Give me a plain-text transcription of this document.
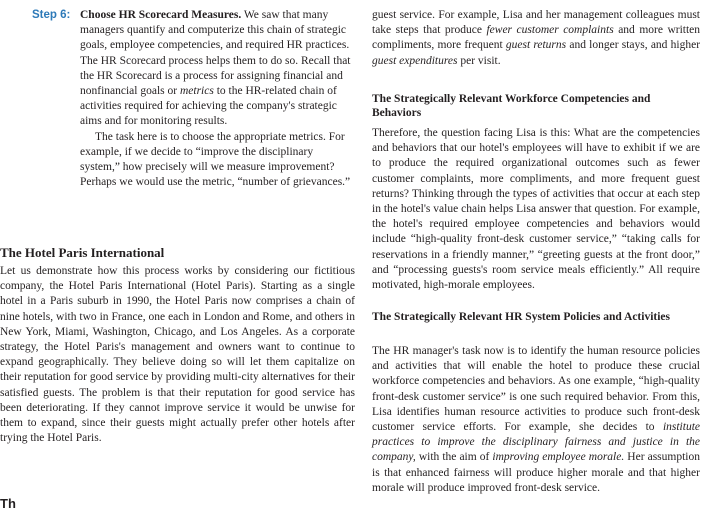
Step 6: Choose HR Scorecard Measures. We saw that many managers quantify and computerize this chain of strategic goals, employee competencies, and required HR practices. The HR Scorecard process helps them to do so. Recall that the HR Scorecard is a process for assigning financial and nonfinancial goals or metrics to the HR-related chain of activities required for achieving the company's strategic aims and for monitoring results.

The task here is to choose the appropriate metrics. For example, if we decide to “improve the disciplinary system,” how precisely will we measure improvement? Perhaps we would use the metric, “number of grievances.”

The Hotel Paris International

Let us demonstrate how this process works by considering our fictitious company, the Hotel Paris International (Hotel Paris). Starting as a single hotel in a Paris suburb in 1990, the Hotel Paris now comprises a chain of nine hotels, with two in France, one each in London and Rome, and others in New York, Miami, Washington, Chicago, and Los Angeles. As a corporate strategy, the Hotel Paris's management and owners want to continue to expand geographically. They believe doing so will let them capitalize on their reputation for good service by providing multi-city alternatives for their satisfied guests. The problem is that their reputation for good service has been deteriorating. If they cannot improve service it would be unwise for them to expand, since their guests might actually prefer other hotels after trying the Hotel Paris.

Th

guest service. For example, Lisa and her management colleagues must take steps that produce fewer customer complaints and more written compliments, more frequent guest returns and longer stays, and higher guest expenditures per visit.

The Strategically Relevant Workforce Competencies and Behaviors

Therefore, the question facing Lisa is this: What are the competencies and behaviors that our hotel's employees will have to exhibit if we are to produce the required organizational outcomes such as fewer customer complaints, more compliments, and more frequent guest returns? Thinking through the types of activities that occur at each step in the hotel's value chain helps Lisa answer that question. For example, the hotel's required employee competencies and behaviors would include “high-quality front-desk customer service,” “taking calls for reservations in a friendly manner,” “greeting guests at the front door,” and “processing guests's room service meals efficiently.” All require motivated, high-morale employees.

The Strategically Relevant HR System Policies and Activities

The HR manager's task now is to identify the human resource policies and activities that will enable the hotel to produce these crucial workforce competencies and behaviors. As one example, “high-quality front-desk customer service” is one such required behavior. From this, Lisa identifies human resource activities to produce such front-desk customer service efforts. For example, she decides to institute practices to improve the disciplinary fairness and justice in the company, with the aim of improving employee morale. Her assumption is that enhanced fairness will produce higher morale and that higher morale will produce improved front-desk service.
